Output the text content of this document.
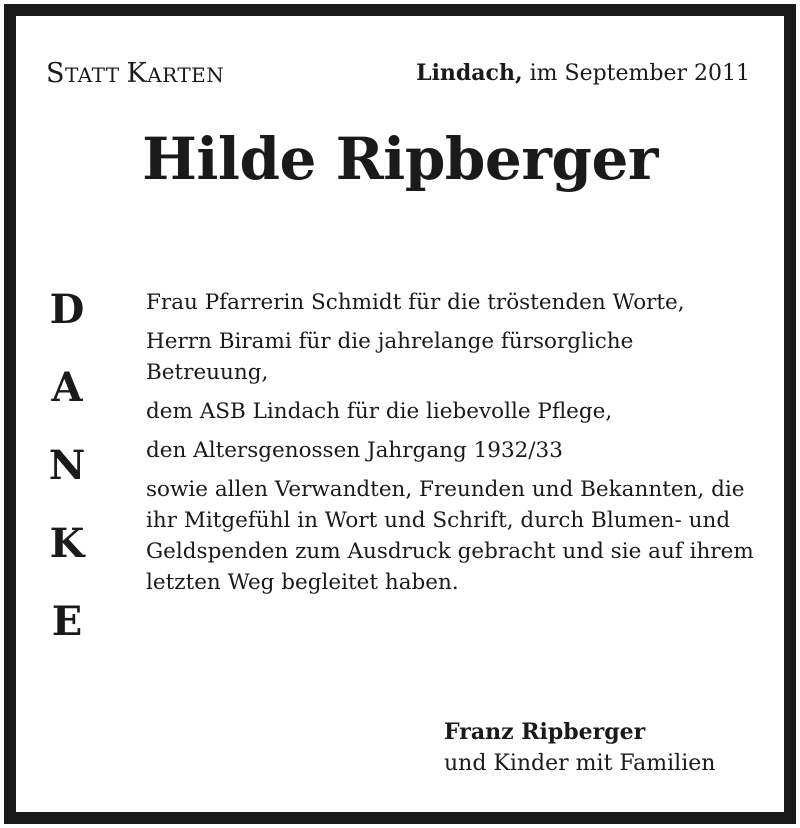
STATT KARTEN	Lindach, im September 2011
Hilde Ripberger
D
A
N
K
E

Frau Pfarrerin Schmidt für die tröstenden Worte,

Herrn Birami für die jahrelange fürsorgliche Betreuung,

dem ASB Lindach für die liebevolle Pflege,

den Altersgenossen Jahrgang 1932/33

sowie allen Verwandten, Freunden und Bekannten, die ihr Mitgefühl in Wort und Schrift, durch Blumen- und Geldspenden zum Ausdruck gebracht und sie auf ihrem letzten Weg begleitet haben.

Franz Ripberger
und Kinder mit Familien
